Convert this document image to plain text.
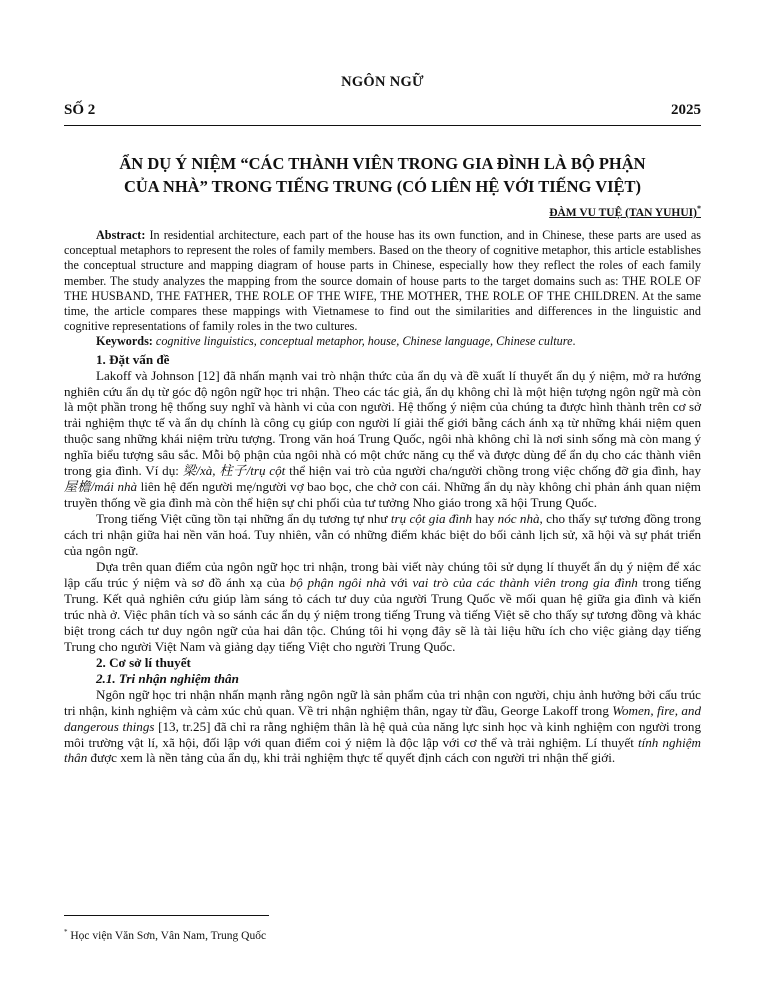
NGÔN NGỮ
SỐ 2	2025
ẨN DỤ Ý NIỆM “CÁC THÀNH VIÊN TRONG GIA ĐÌNH LÀ BỘ PHẬN
CỦA NHÀ” TRONG TIẾNG TRUNG (CÓ LIÊN HỆ VỚI TIẾNG VIỆT)
ĐÀM VU TUỆ (TAN YUHUI)*

Abstract: In residential architecture, each part of the house has its own function, and in Chinese, these parts are used as conceptual metaphors to represent the roles of family members. Based on the theory of cognitive metaphor, this article establishes the conceptual structure and mapping diagram of house parts in Chinese, especially how they reflect the roles of each family member. The study analyzes the mapping from the source domain of house parts to the target domains such as: THE ROLE OF THE HUSBAND, THE FATHER, THE ROLE OF THE WIFE, THE MOTHER, THE ROLE OF THE CHILDREN. At the same time, the article compares these mappings with Vietnamese to find out the similarities and differences in the linguistic and cognitive representations of family roles in the two cultures.

Keywords: cognitive linguistics, conceptual metaphor, house, Chinese language, Chinese culture.

1. Đặt vấn đề

Lakoff và Johnson [12] đã nhấn mạnh vai trò nhận thức của ẩn dụ và đề xuất lí thuyết ẩn dụ ý niệm, mở ra hướng nghiên cứu ẩn dụ từ góc độ ngôn ngữ học tri nhận. Theo các tác giả, ẩn dụ không chỉ là một hiện tượng ngôn ngữ mà còn là một phần trong hệ thống suy nghĩ và hành vi của con người. Hệ thống ý niệm của chúng ta được hình thành trên cơ sở trải nghiệm thực tế và ẩn dụ chính là công cụ giúp con người lí giải thế giới bằng cách ánh xạ từ những khái niệm quen thuộc sang những khái niệm trừu tượng. Trong văn hoá Trung Quốc, ngôi nhà không chỉ là nơi sinh sống mà còn mang ý nghĩa biểu tượng sâu sắc. Mỗi bộ phận của ngôi nhà có một chức năng cụ thể và được dùng để ẩn dụ cho các thành viên trong gia đình. Ví dụ: 梁/xà, 柱子/trụ cột thể hiện vai trò của người cha/người chồng trong việc chống đỡ gia đình, hay 屋檐/mái nhà liên hệ đến người mẹ/người vợ bao bọc, che chở con cái. Những ẩn dụ này không chỉ phản ánh quan niệm truyền thống về gia đình mà còn thể hiện sự chi phối của tư tưởng Nho giáo trong xã hội Trung Quốc.

Trong tiếng Việt cũng tồn tại những ẩn dụ tương tự như trụ cột gia đình hay nóc nhà, cho thấy sự tương đồng trong cách tri nhận giữa hai nền văn hoá. Tuy nhiên, vẫn có những điểm khác biệt do bối cảnh lịch sử, xã hội và sự phát triển của ngôn ngữ.

Dựa trên quan điểm của ngôn ngữ học tri nhận, trong bài viết này chúng tôi sử dụng lí thuyết ẩn dụ ý niệm để xác lập cấu trúc ý niệm và sơ đồ ánh xạ của bộ phận ngôi nhà với vai trò của các thành viên trong gia đình trong tiếng Trung. Kết quả nghiên cứu giúp làm sáng tỏ cách tư duy của người Trung Quốc về mối quan hệ giữa gia đình và kiến trúc nhà ở. Việc phân tích và so sánh các ẩn dụ ý niệm trong tiếng Trung và tiếng Việt sẽ cho thấy sự tương đồng và khác biệt trong cách tư duy ngôn ngữ của hai dân tộc. Chúng tôi hi vọng đây sẽ là tài liệu hữu ích cho việc giảng dạy tiếng Trung cho người Việt Nam và giảng dạy tiếng Việt cho người Trung Quốc.

2. Cơ sở lí thuyết
2.1. Tri nhận nghiệm thân

Ngôn ngữ học tri nhận nhấn mạnh rằng ngôn ngữ là sản phẩm của tri nhận con người, chịu ảnh hưởng bởi cấu trúc tri nhận, kinh nghiệm và cảm xúc chủ quan. Về tri nhận nghiệm thân, ngay từ đầu, George Lakoff trong Women, fire, and dangerous things [13, tr.25] đã chỉ ra rằng nghiệm thân là hệ quả của năng lực sinh học và kinh nghiệm con người trong môi trường vật lí, xã hội, đối lập với quan điểm coi ý niệm là độc lập với cơ thể và trải nghiệm. Lí thuyết tính nghiệm thân được xem là nền tảng của ẩn dụ, khi trải nghiệm thực tế quyết định cách con người tri nhận thế giới.

* Học viện Văn Sơn, Vân Nam, Trung Quốc
